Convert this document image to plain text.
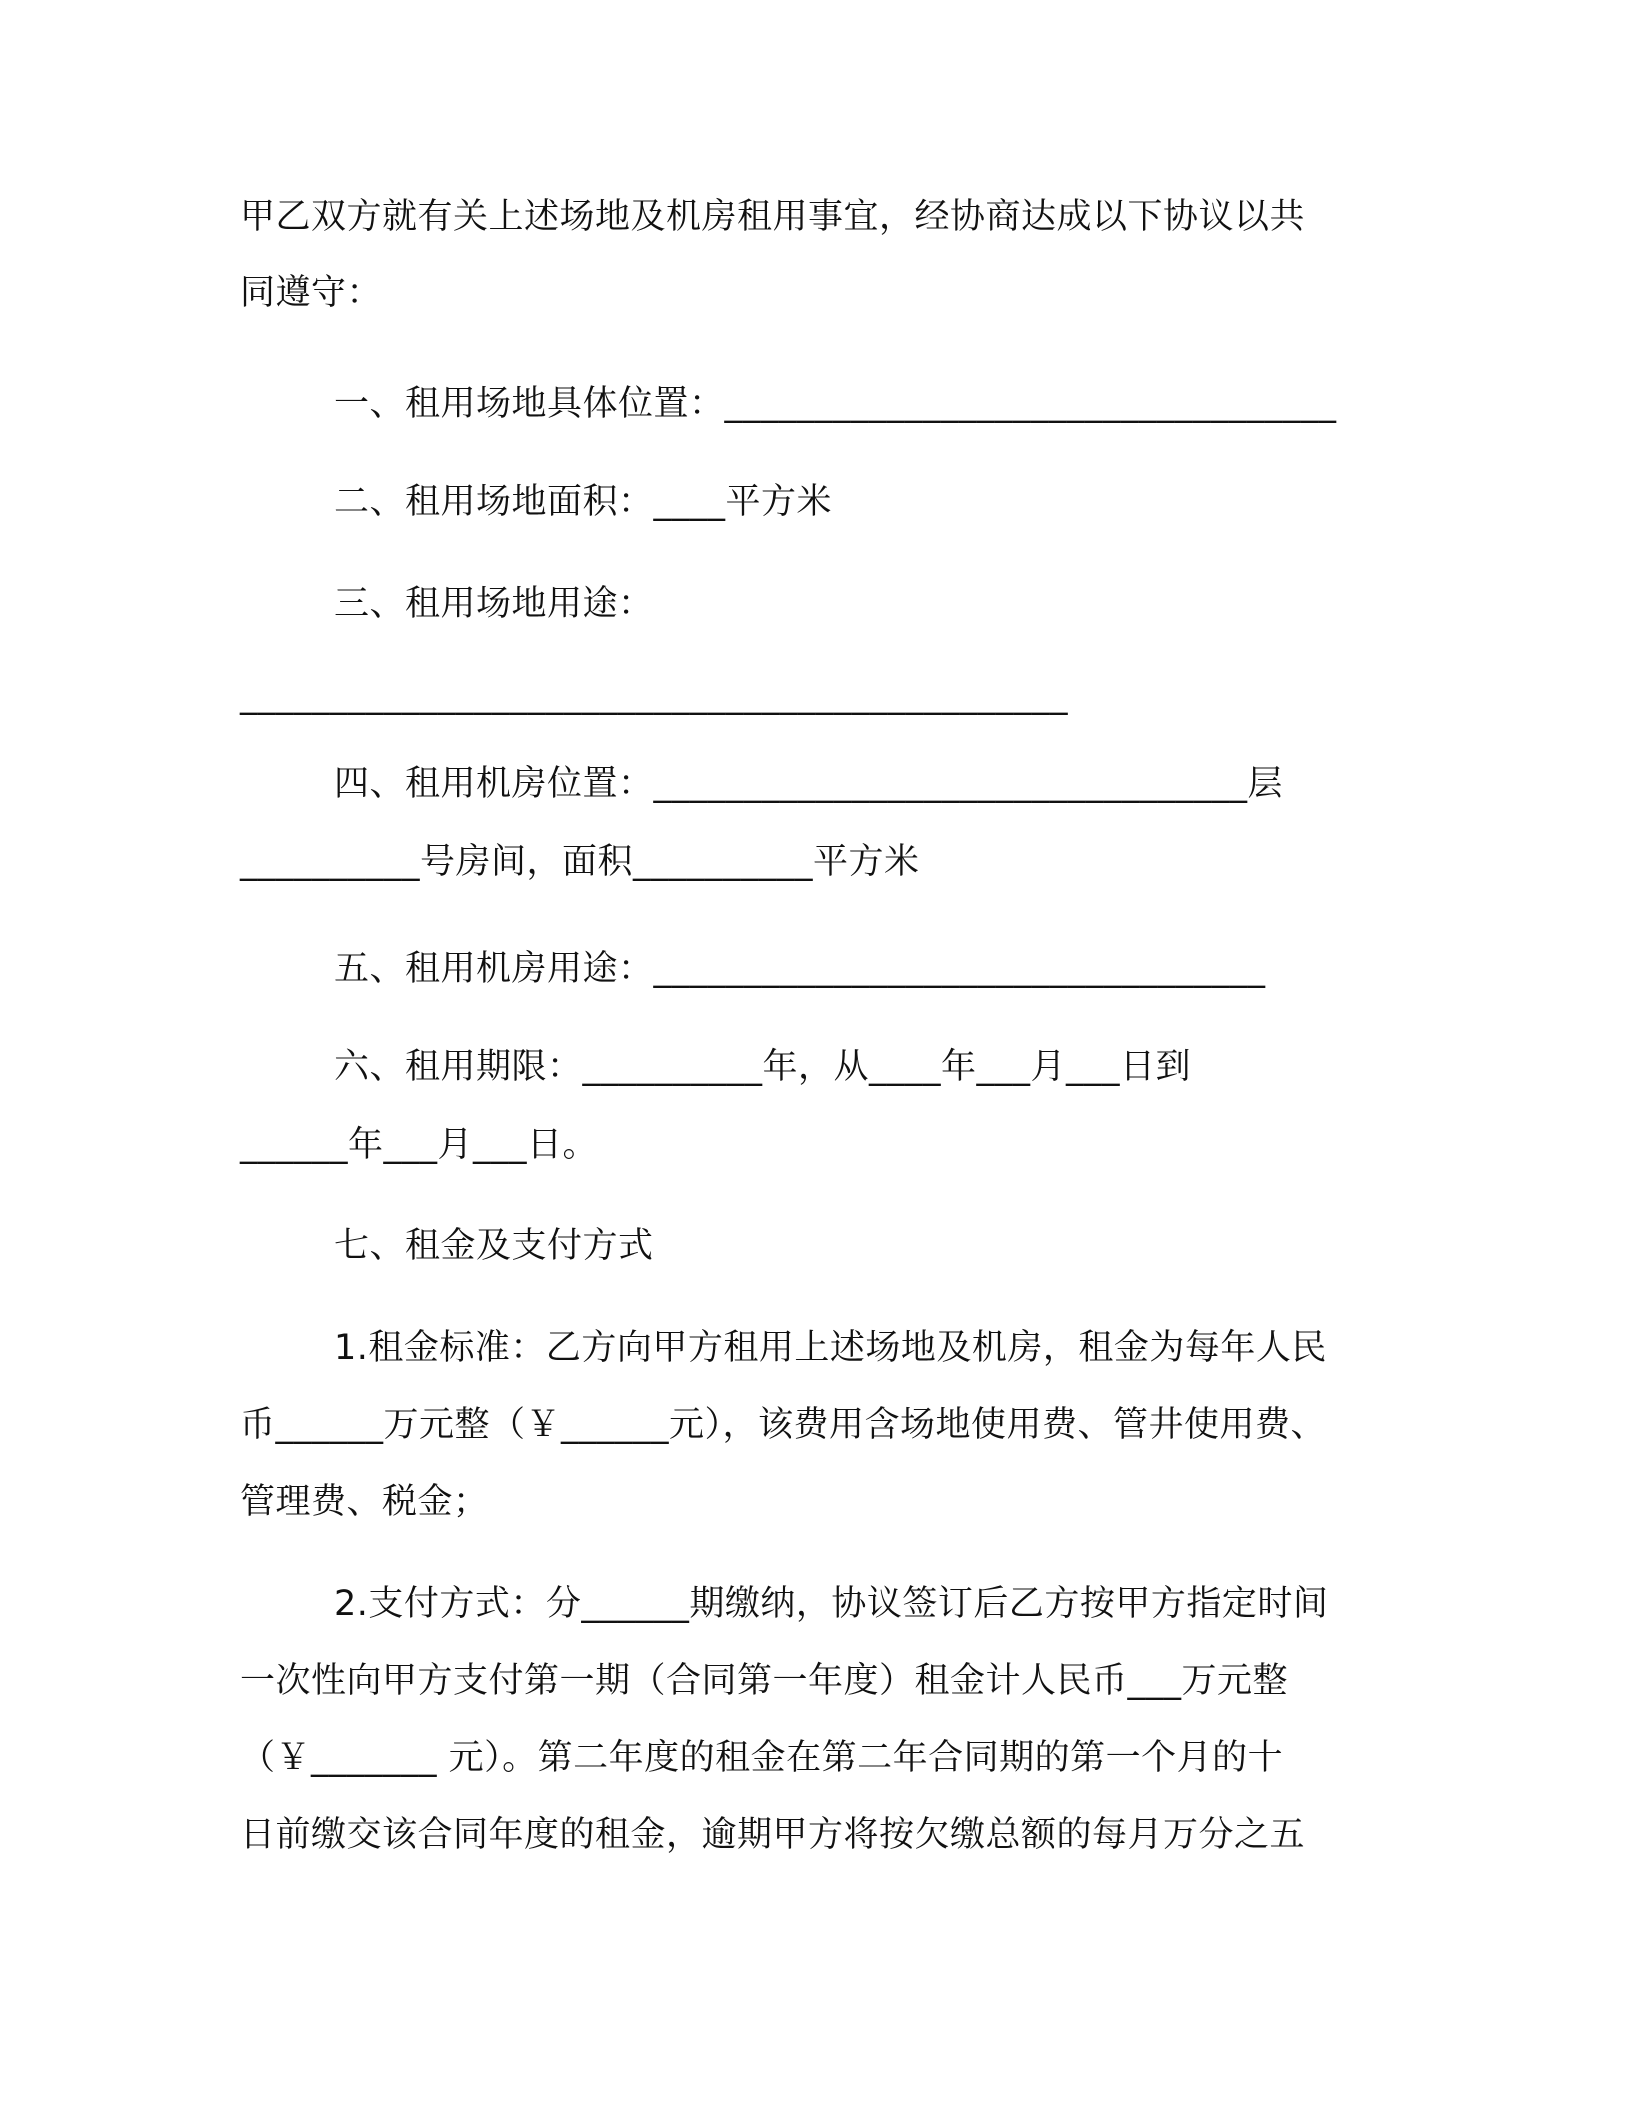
甲乙双方就有关上述场地及机房租用事宜，经协商达成以下协议以共

同遵守：

一、租用场地具体位置：__________________________________

二、租用场地面积：____平方米

三、租用场地用途：

______________________________________________

四、租用机房位置：_________________________________层

__________号房间，面积__________平方米

五、租用机房用途：__________________________________

六、租用期限：__________年，从____年___月___日到

______年___月___日。

七、租金及支付方式

1.租金标准：乙方向甲方租用上述场地及机房，租金为每年人民

币______万元整（￥______元），该费用含场地使用费、管井使用费、

管理费、税金；

2.支付方式：分______期缴纳，协议签订后乙方按甲方指定时间

一次性向甲方支付第一期（合同第一年度）租金计人民币___万元整

（￥_______ 元）。第二年度的租金在第二年合同期的第一个月的十

日前缴交该合同年度的租金，逾期甲方将按欠缴总额的每月万分之五
